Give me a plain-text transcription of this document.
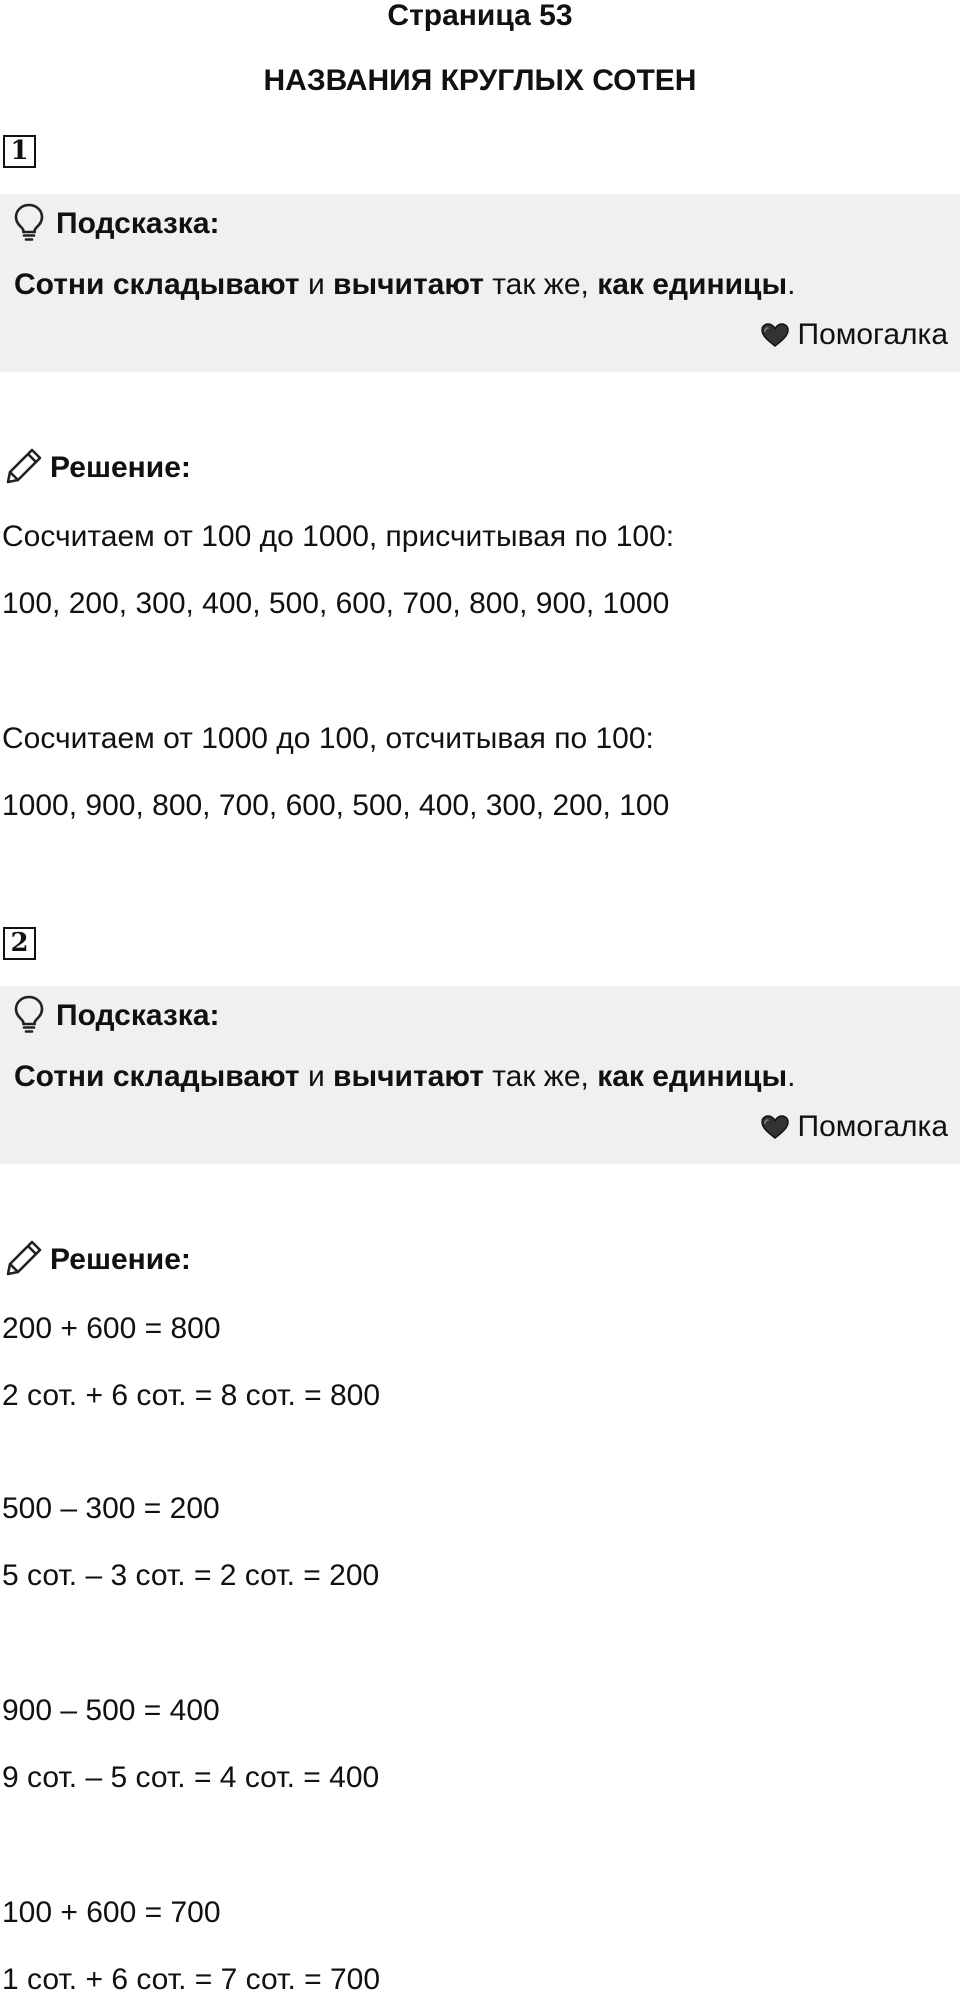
Страница 53
НАЗВАНИЯ КРУГЛЫХ СОТЕН
1
Подсказка:
Сотни складывают и вычитают так же, как единицы.
Помогалка
Решение:
Сосчитаем от 100 до 1000, присчитывая по 100:
100, 200, 300, 400, 500, 600, 700, 800, 900, 1000
Сосчитаем от 1000 до 100, отсчитывая по 100:
1000, 900, 800, 700, 600, 500, 400, 300, 200, 100
2
Подсказка:
Сотни складывают и вычитают так же, как единицы.
Помогалка
Решение:
200 + 600 = 800
2 сот. + 6 сот. = 8 сот. = 800
500 – 300 = 200
5 сот. – 3 сот. = 2 сот. = 200
900 – 500 = 400
9 сот. – 5 сот. = 4 сот. = 400
100 + 600 = 700
1 сот. + 6 сот. = 7 сот. = 700
